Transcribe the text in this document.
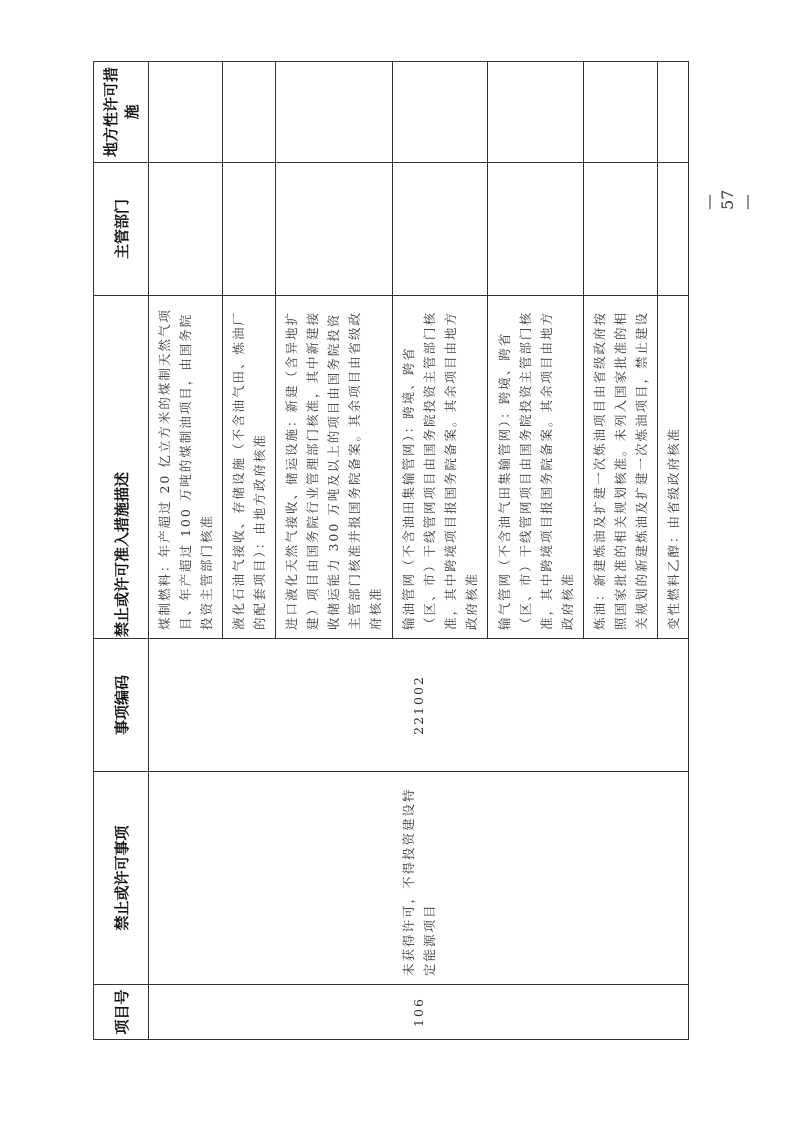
项目号	禁止或许可事项	事项编码	禁止或许可准入措施描述	主管部门	地方性许可措施
106	未获得许可，不得投资建设特定能源项目	221002	煤制燃料：年产超过 20 亿立方米的煤制天然气项目、年产超过 100 万吨的煤制油项目，由国务院投资主管部门核准		
			液化石油气接收、存储设施（不含油气田、炼油厂的配套项目）：由地方政府核准		
			进口液化天然气接收、储运设施：新建（含异地扩建）项目由国务院行业管理部门核准，其中新建接收储运能力 300 万吨及以上的项目由国务院投资主管部门核准并报国务院备案。其余项目由省级政府核准		
			输油管网（不含油田集输管网）：跨境、跨省（区、市）干线管网项目由国务院投资主管部门核准，其中跨境项目报国务院备案。其余项目由地方政府核准		
			输气管网（不含油气田集输管网）：跨境、跨省（区、市）干线管网项目由国务院投资主管部门核准，其中跨境项目报国务院备案。其余项目由地方政府核准		
			炼油：新建炼油及扩建一次炼油项目由省级政府按照国家批准的相关规划核准。未列入国家批准的相关规划的新建炼油及扩建一次炼油项目，禁止建设		
			变性燃料乙醇：由省级政府核准		
— 57 —
